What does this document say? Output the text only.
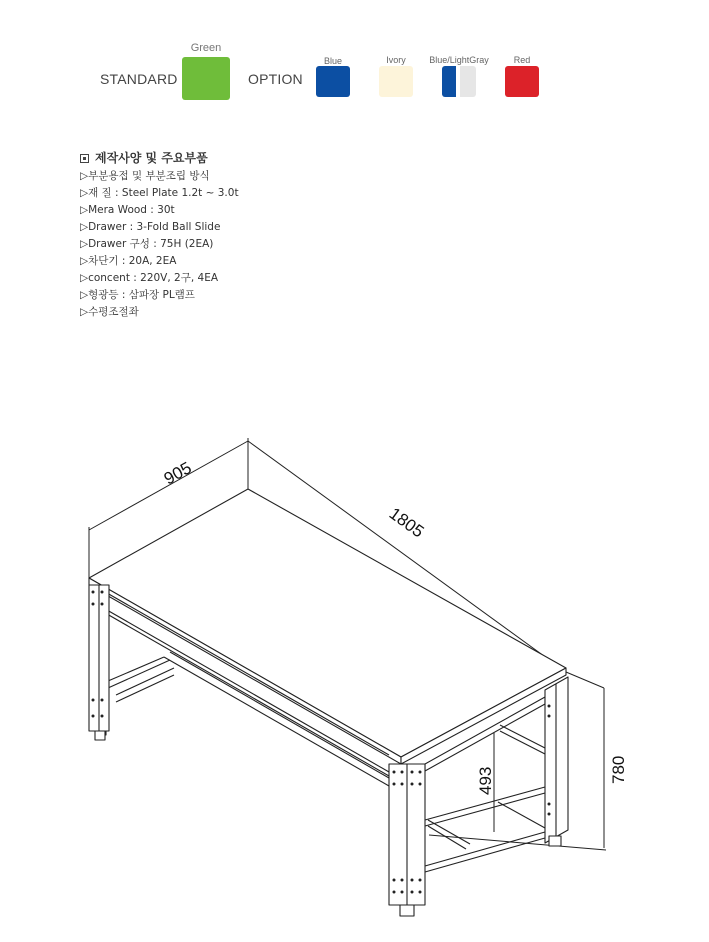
STANDARD
Green
OPTION
Blue	Ivory	Blue/LightGray	Red
제작사양 및 주요부품
▷부분용접 및 부분조립 방식
▷재 질 : Steel Plate 1.2t ~ 3.0t
▷Mera Wood : 30t
▷Drawer : 3-Fold Ball Slide
▷Drawer 구성 : 75H (2EA)
▷차단기 : 20A, 2EA
▷concent : 220V, 2구, 4EA
▷형광등 : 삼파장 PL램프
▷수평조절좌
905
1805
780
493
